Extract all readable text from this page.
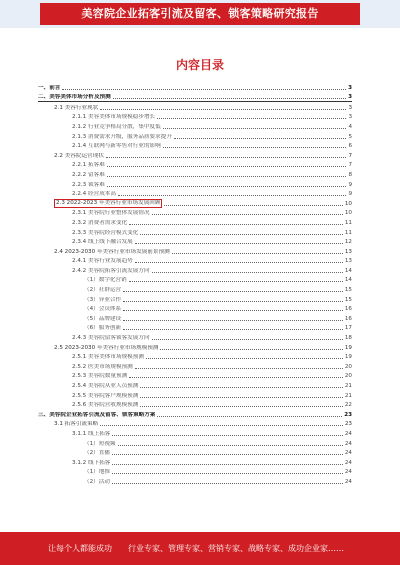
美容院企业拓客引流及留客、锁客策略研究报告
内容目录
一、前言	3
二、美容美体市场分析及预测	3
2.1 美容行业现状	3
2.1.1 美容美体市场规模稳步增长	3
2.1.2 行业竞争格局分散，集中度低	4
2.1.3 消费需求升级，服务品质要求提升	5
2.1.4 互联网与新零售对行业的影响	6
2.2 美容院运营现状	7
2.2.1 拓客难	7
2.2.2 留客难	8
2.2.3 锁客难	9
2.2.4 经营成本高	9
2.3 2022-2023 年美容行业市场发展回顾	10
2.3.1 美容院行业整体发展情况	10
2.3.2 消费者需求变化	11
2.3.3 美容院经营模式变化	11
2.3.4 线上线下融合发展	12
2.4 2023-2030 年美容行业市场发展前景预测	13
2.4.1 美容行业发展趋势	13
2.4.2 美容院拓客引流发展方向	14
（1）数字化营销	14
（2）社群运营	15
（3）异业合作	15
（4）会员体系	16
（5）品牌建设	16
（6）服务创新	17
2.4.3 美容院留客锁客发展方向	18
2.5 2023-2030 年美容行业市场规模预测	19
2.5.1 美容美体市场规模预测	19
2.5.2 医美市场规模预测	20
2.5.3 美容院数量预测	20
2.5.4 美容院从业人员预测	21
2.5.5 美容院客户规模预测	21
2.5.6 美容院营收规模预测	22
三、美容院企业拓客引流及留客、锁客策略方案	23
3.1 拓客引流策略	23
3.1.1 线上拓客	24
（1）短视频	24
（2）直播	24
3.1.2 线下拓客	24
（1）地推	24
（2）活动	24
让每个人都能成功 行业专家、管理专家、营销专家、战略专家、成功企业家……
